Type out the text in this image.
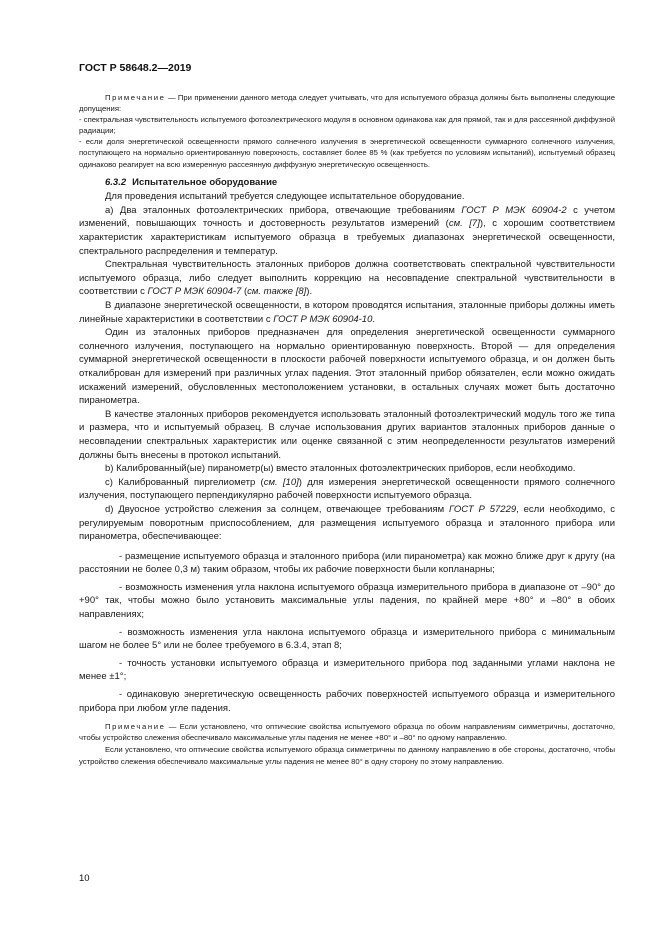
ГОСТ Р 58648.2—2019

Примечание — При применении данного метода следует учитывать, что для испытуемого образца должны быть выполнены следующие допущения:

- спектральная чувствительность испытуемого фотоэлектрического модуля в основном одинакова как для прямой, так и для рассеянной диффузной радиации;

- если доля энергетической освещенности прямого солнечного излучения в энергетической освещенности суммарного солнечного излучения, поступающего на нормально ориентированную поверхность, составляет более 85 % (как требуется по условиям испытаний), испытуемый образец одинаково реагирует на всю измеренную рассеянную диффузную энергетическую освещенность.

6.3.2 Испытательное оборудование

Для проведения испытаний требуется следующее испытательное оборудование.

а) Два эталонных фотоэлектрических прибора, отвечающие требованиям ГОСТ Р МЭК 60904-2 с учетом изменений, повышающих точность и достоверность результатов измерений (см. [7]), с хорошим соответствием характеристик характеристикам испытуемого образца в требуемых диапазонах энергетической освещенности, спектрального распределения и температур.

Спектральная чувствительность эталонных приборов должна соответствовать спектральной чувствительности испытуемого образца, либо следует выполнить коррекцию на несовпадение спектральной чувствительности в соответствии с ГОСТ Р МЭК 60904-7 (см. также [8]).

В диапазоне энергетической освещенности, в котором проводятся испытания, эталонные приборы должны иметь линейные характеристики в соответствии с ГОСТ Р МЭК 60904-10.

Один из эталонных приборов предназначен для определения энергетической освещенности суммарного солнечного излучения, поступающего на нормально ориентированную поверхность. Второй — для определения суммарной энергетической освещенности в плоскости рабочей поверхности испытуемого образца, и он должен быть откалиброван для измерений при различных углах падения. Этот эталонный прибор обязателен, если можно ожидать искажений измерений, обусловленных местоположением установки, в остальных случаях может быть достаточно пиранометра.

В качестве эталонных приборов рекомендуется использовать эталонный фотоэлектрический модуль того же типа и размера, что и испытуемый образец. В случае использования других вариантов эталонных приборов данные о несовпадении спектральных характеристик или оценке связанной с этим неопределенности результатов измерений должны быть внесены в протокол испытаний.

b) Калиброванный(ые) пиранометр(ы) вместо эталонных фотоэлектрических приборов, если необходимо.

с) Калиброванный пиргелиометр (см. [10]) для измерения энергетической освещенности прямого солнечного излучения, поступающего перпендикулярно рабочей поверхности испытуемого образца.

d) Двуосное устройство слежения за солнцем, отвечающее требованиям ГОСТ Р 57229, если необходимо, с регулируемым поворотным приспособлением, для размещения испытуемого образца и эталонного прибора или пиранометра, обеспечивающее:

- размещение испытуемого образца и эталонного прибора (или пиранометра) как можно ближе друг к другу (на расстоянии не более 0,3 м) таким образом, чтобы их рабочие поверхности были копланарны;

- возможность изменения угла наклона испытуемого образца измерительного прибора в диапазоне от –90° до +90° так, чтобы можно было установить максимальные углы падения, по крайней мере +80° и –80° в обоих направлениях;

- возможность изменения угла наклона испытуемого образца и измерительного прибора с минимальным шагом не более 5° или не более требуемого в 6.3.4, этап 8;

- точность установки испытуемого образца и измерительного прибора под заданными углами наклона не менее ±1°;

- одинаковую энергетическую освещенность рабочих поверхностей испытуемого образца и измерительного прибора при любом угле падения.

Примечание — Если установлено, что оптические свойства испытуемого образца по обоим направлениям симметричны, достаточно, чтобы устройство слежения обеспечивало максимальные углы падения не менее +80° и –80° по одному направлению.

Если установлено, что оптические свойства испытуемого образца симметричны по данному направлению в обе стороны, достаточно, чтобы устройство слежения обеспечивало максимальные углы падения не менее 80° в одну сторону по этому направлению.

10
